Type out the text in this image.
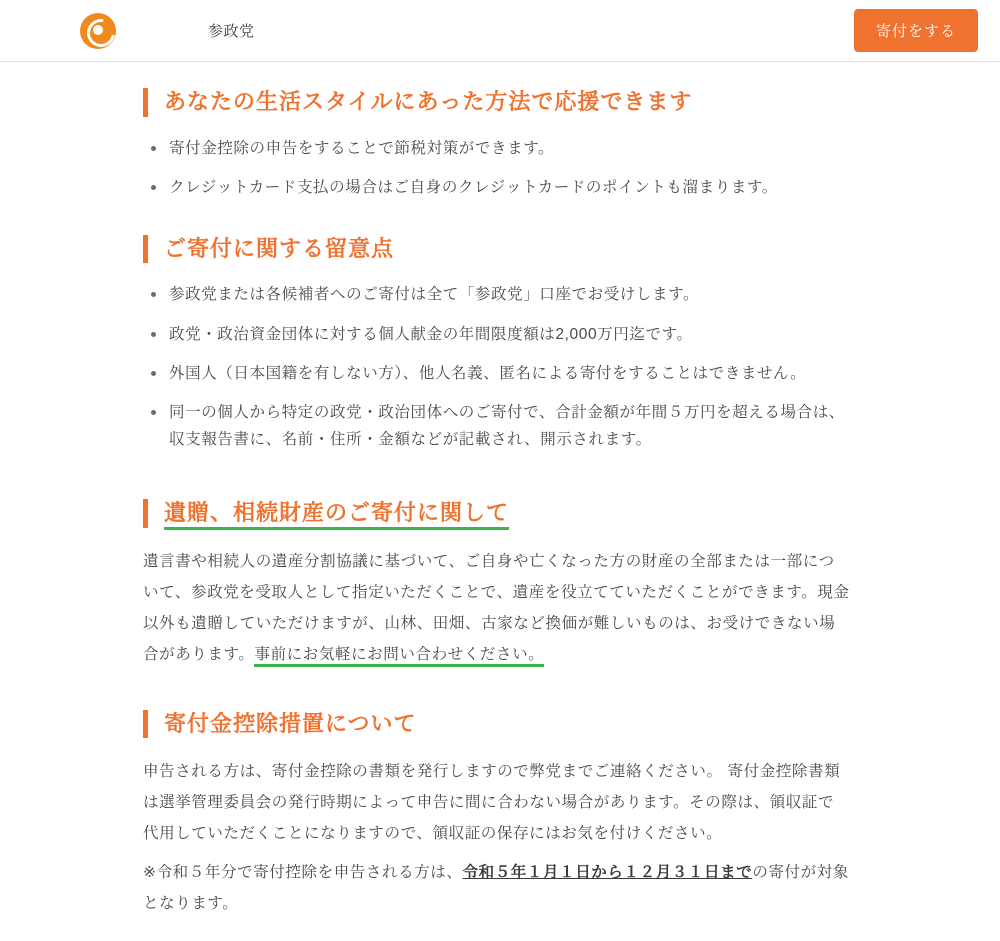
参政党	寄付をする
あなたの生活スタイルにあった方法で応援できます
寄付金控除の申告をすることで節税対策ができます。
クレジットカード支払の場合はご自身のクレジットカードのポイントも溜まります。
ご寄付に関する留意点
参政党または各候補者へのご寄付は全て「参政党」口座でお受けします。
政党・政治資金団体に対する個人献金の年間限度額は2,000万円迄です。
外国人（日本国籍を有しない方）、他人名義、匿名による寄付をすることはできません。
同一の個人から特定の政党・政治団体へのご寄付で、合計金額が年間５万円を超える場合は、収支報告書に、名前・住所・金額などが記載され、開示されます。
遺贈、相続財産のご寄付に関して

遺言書や相続人の遺産分割協議に基づいて、ご自身や亡くなった方の財産の全部または一部について、参政党を受取人として指定いただくことで、遺産を役立てていただくことができます。現金以外も遺贈していただけますが、山林、田畑、古家など換価が難しいものは、お受けできない場合があります。事前にお気軽にお問い合わせください。

寄付金控除措置について

申告される方は、寄付金控除の書類を発行しますので弊党までご連絡ください。 寄付金控除書類は選挙管理委員会の発行時期によって申告に間に合わない場合があります。その際は、領収証で代用していただくことになりますので、領収証の保存にはお気を付けください。

※令和５年分で寄付控除を申告される方は、令和５年１月１日から１２月３１日までの寄付が対象となります。
